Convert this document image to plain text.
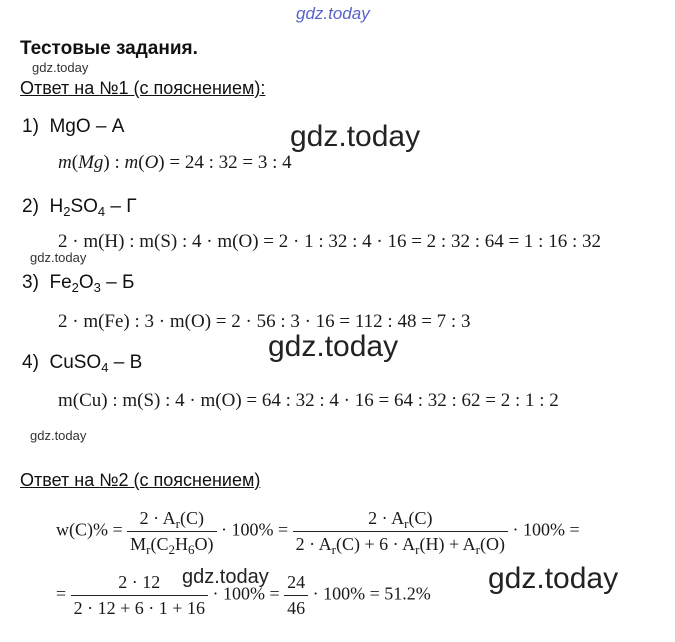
gdz.today
gdz.today
gdz.today
gdz.today
gdz.today
gdz.today
gdz.today
gdz.today
Тестовые задания.
Ответ на №1 (с пояснением):
1) MgO – А
m(Mg) : m(O) = 24 : 32 = 3 : 4
2) $H_2SO_4$ – Г
2 · m(H) : m(S) : 4 · m(O) = 2 · 1 : 32 : 4 · 16 = 2 : 32 : 64 = 1 : 16 : 32
3) $Fe_2O_3$ – Б
2 · m(Fe) : 3 · m(O) = 2 · 56 : 3 · 16 = 112 : 48 = 7 : 3
4) CuSO$_4$ – В
m(Cu) : m(S) : 4 · m(O) = 64 : 32 : 4 · 16 = 64 : 32 : 62 = 2 : 1 : 2
Ответ на №2 (с пояснением)
$w(C)\% = \frac{2 \cdot A_r(C)}{M_r(C_2H_6O)} \cdot 100\% = \frac{2 \cdot A_r(C)}{2 \cdot A_r(C) + 6 \cdot A_r(H) + A_r(O)} \cdot 100\%$ =
= $\frac{2 \cdot 12}{2 \cdot 12 + 6 \cdot 1 + 16} \cdot 100\% = \frac{24}{46} \cdot 100\% = 51.2\%$
